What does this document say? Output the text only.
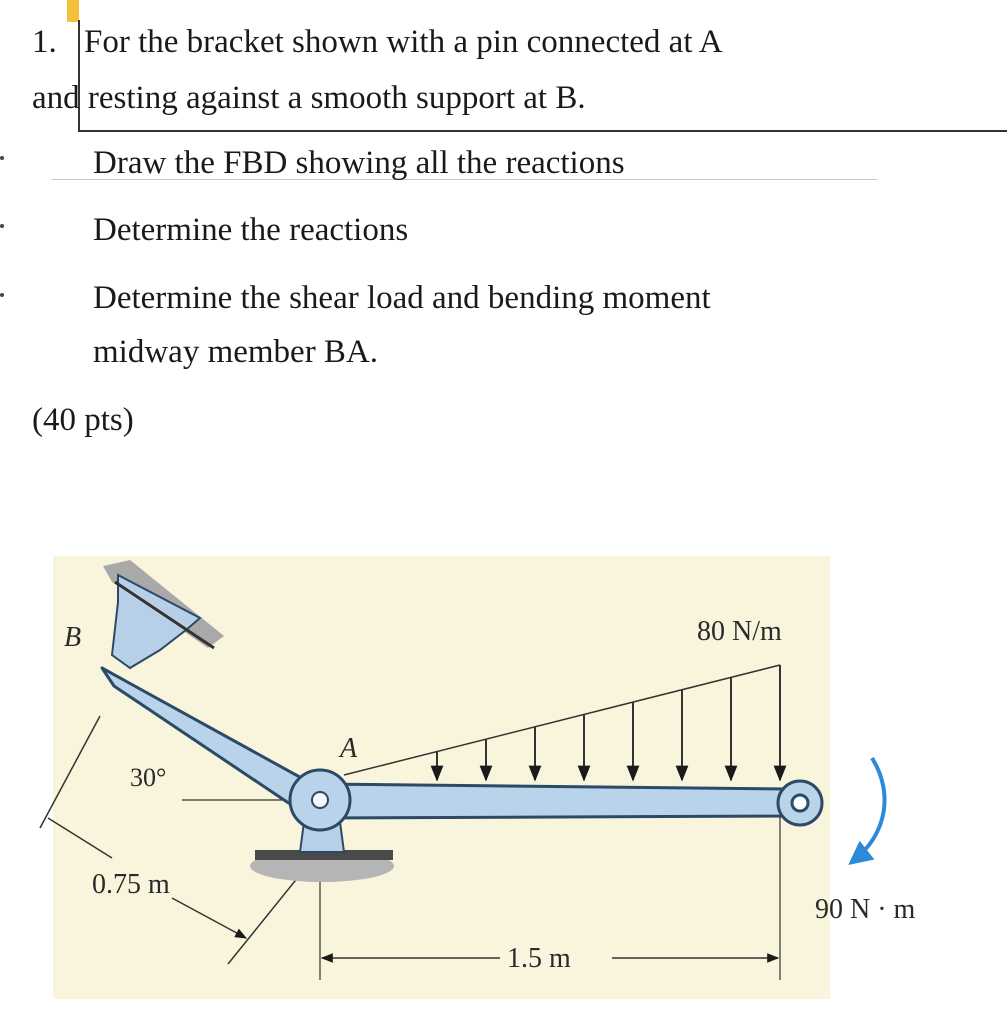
1. For the bracket shown with a pin connected at A
and resting against a smooth support at B.
Draw the FBD showing all the reactions
Determine the reactions
Determine the shear load and bending moment
midway member BA.
(40 pts)
B
A
80 N/m
30°
0.75 m
1.5 m
90 N · m
